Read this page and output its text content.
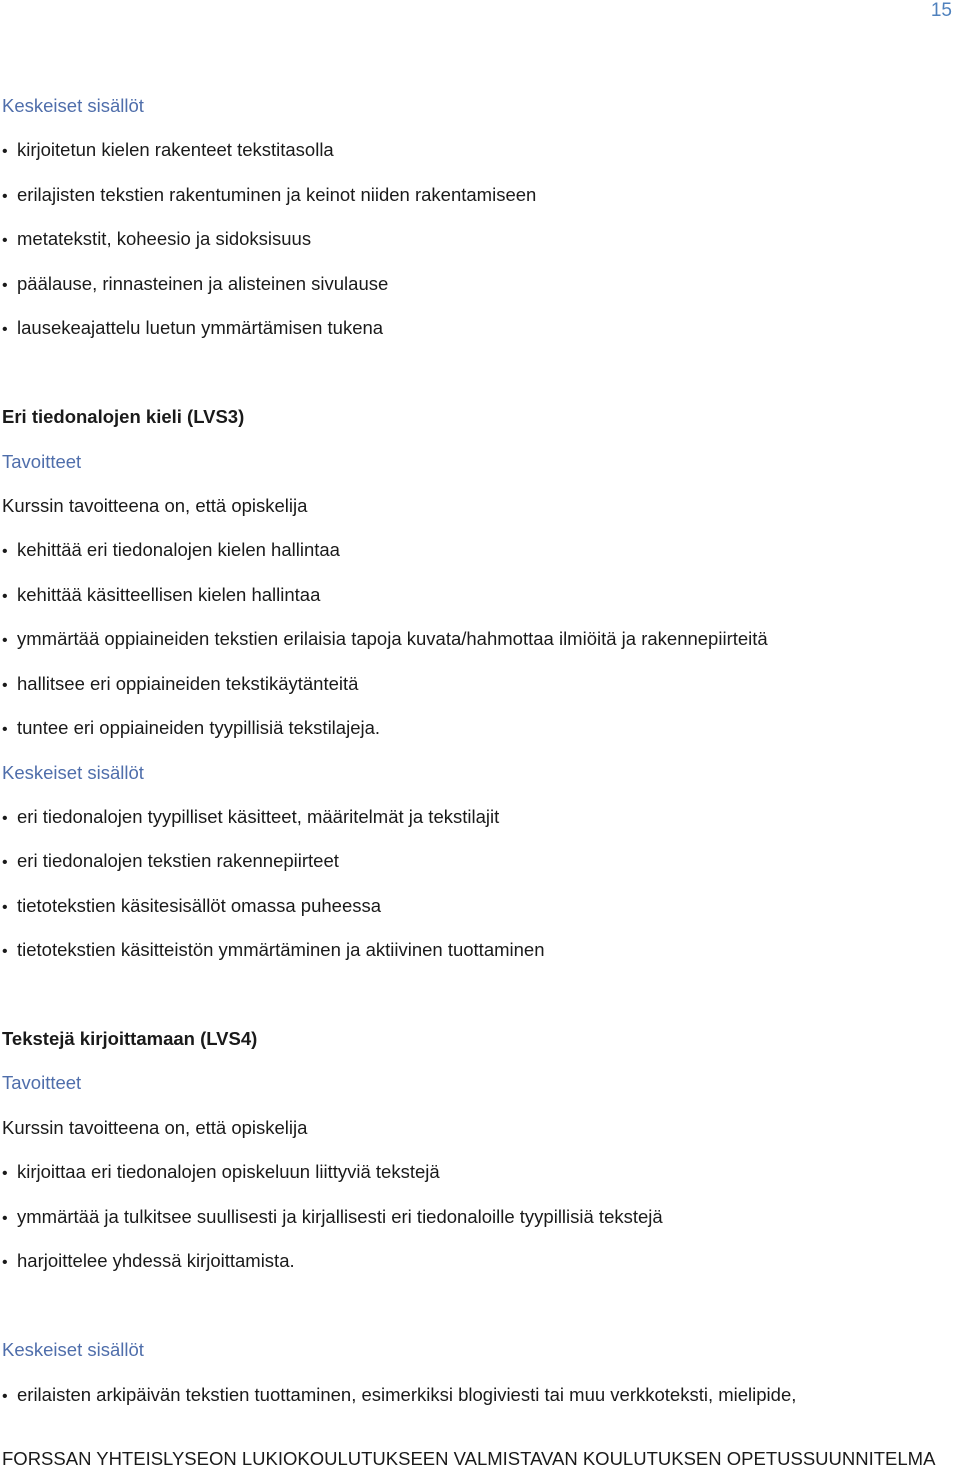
15
Keskeiset sisällöt
• kirjoitetun kielen rakenteet tekstitasolla
• erilajisten tekstien rakentuminen ja keinot niiden rakentamiseen
• metatekstit, koheesio ja sidoksisuus
• päälause, rinnasteinen ja alisteinen sivulause
• lausekeajattelu luetun ymmärtämisen tukena
Eri tiedonalojen kieli (LVS3)
Tavoitteet
Kurssin tavoitteena on, että opiskelija
• kehittää eri tiedonalojen kielen hallintaa
• kehittää käsitteellisen kielen hallintaa
• ymmärtää oppiaineiden tekstien erilaisia tapoja kuvata/hahmottaa ilmiöitä ja rakennepiirteitä
• hallitsee eri oppiaineiden tekstikäytänteitä
• tuntee eri oppiaineiden tyypillisiä tekstilajeja.
Keskeiset sisällöt
• eri tiedonalojen tyypilliset käsitteet, määritelmät ja tekstilajit
• eri tiedonalojen tekstien rakennepiirteet
• tietotekstien käsitesisällöt omassa puheessa
• tietotekstien käsitteistön ymmärtäminen ja aktiivinen tuottaminen
Tekstejä kirjoittamaan (LVS4)
Tavoitteet
Kurssin tavoitteena on, että opiskelija
• kirjoittaa eri tiedonalojen opiskeluun liittyviä tekstejä
• ymmärtää ja tulkitsee suullisesti ja kirjallisesti eri tiedonaloille tyypillisiä tekstejä
• harjoittelee yhdessä kirjoittamista.
Keskeiset sisällöt
• erilaisten arkipäivän tekstien tuottaminen, esimerkiksi blogiviesti tai muu verkkoteksti, mielipide,
FORSSAN YHTEISLYSEON LUKIOKOULUTUKSEEN VALMISTAVAN KOULUTUKSEN OPETUSSUUNNITELMA
